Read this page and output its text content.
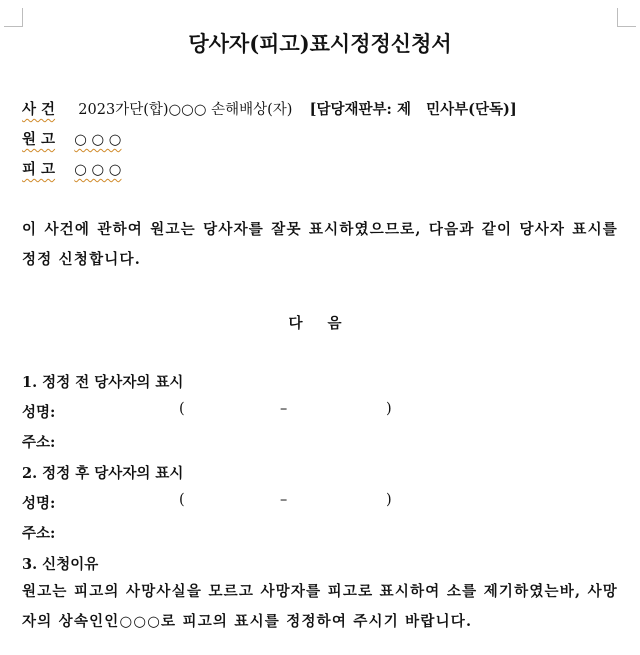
당사자(피고)표시정정신청서
사 건 2023가단(합)○○○ 손해배상(자) [담당재판부: 제   민사부(단독)]
원 고 ○ ○ ○
피 고 ○ ○ ○
이 사건에 관하여 원고는 당사자를 잘못 표시하였으므로, 다음과 같이 당사자 표시를 정정 신청합니다.
다 음
1. 정정 전 당사자의 표시
성명:	(	–	)
주소:
2. 정정 후 당사자의 표시
성명:	(	–	)
주소:
3. 신청이유
원고는 피고의 사망사실을 모르고 사망자를 피고로 표시하여 소를 제기하였는바, 사망자의 상속인인○○○로 피고의 표시를 정정하여 주시기 바랍니다.
